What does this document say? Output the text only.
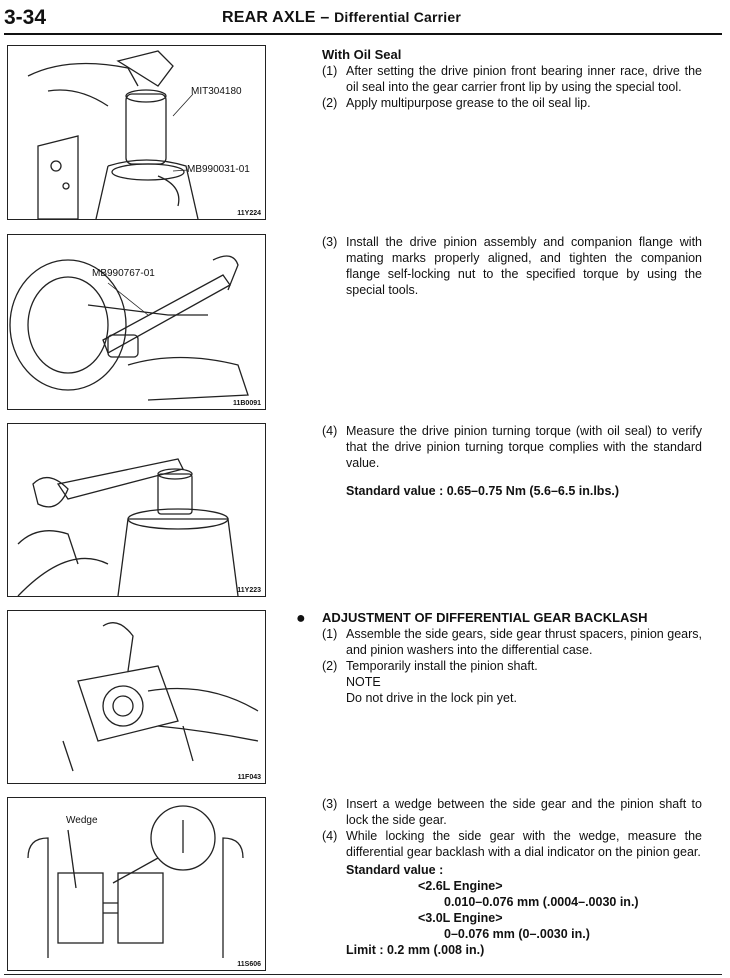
3-34	REAR AXLE – Differential Carrier
MIT304180
MB990031-01
11Y224
MB990767-01
11B0091
11Y223
11F043
Wedge
11S606
With Oil Seal
(1) After setting the drive pinion front bearing inner race, drive the oil seal into the gear carrier front lip by using the special tool.
(2) Apply multipurpose grease to the oil seal lip.
(3) Install the drive pinion assembly and companion flange with mating marks properly aligned, and tighten the companion flange self-locking nut to the specified torque by using the special tools.
(4) Measure the drive pinion turning torque (with oil seal) to verify that the drive pinion turning torque complies with the standard value.
Standard value : 0.65–0.75 Nm (5.6–6.5 in.lbs.)
● ADJUSTMENT OF DIFFERENTIAL GEAR BACKLASH
(1) Assemble the side gears, side gear thrust spacers, pinion gears, and pinion washers into the differential case.
(2) Temporarily install the pinion shaft.
NOTE
Do not drive in the lock pin yet.
(3) Insert a wedge between the side gear and the pinion shaft to lock the side gear.
(4) While locking the side gear with the wedge, measure the differential gear backlash with a dial indicator on the pinion gear.
Standard value :
<2.6L Engine>
0.010–0.076 mm (.0004–.0030 in.)
<3.0L Engine>
0–0.076 mm (0–.0030 in.)
Limit : 0.2 mm (.008 in.)
